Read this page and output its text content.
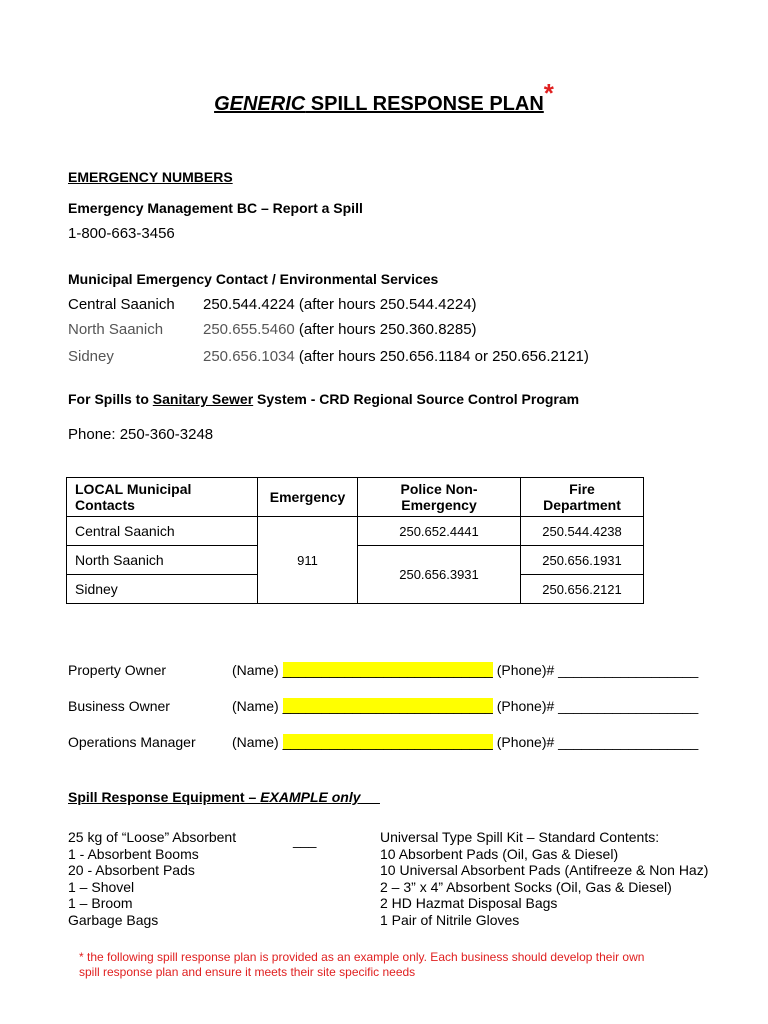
GENERIC SPILL RESPONSE PLAN*
EMERGENCY NUMBERS
Emergency Management BC – Report a Spill
1-800-663-3456
Municipal Emergency Contact / Environmental Services
Central Saanich 250.544.4224 (after hours 250.544.4224)
North Saanich	250.655.5460 (after hours 250.360.8285)
Sidney	250.656.1034 (after hours 250.656.1184 or 250.656.2121)
For Spills to Sanitary Sewer System - CRD Regional Source Control Program
Phone: 250-360-3248
LOCAL Municipal Contacts	Emergency	Police Non-Emergency	Fire Department
Central Saanich	911	250.652.4441	250.544.4238
North Saanich		250.656.3931	250.656.1931
Sidney			250.656.2121
Property Owner	(Name) ___________________________ (Phone)# __________________
Business Owner	(Name) ___________________________ (Phone)# __________________
Operations Manager	(Name) ___________________________ (Phone)# __________________
Spill Response Equipment – EXAMPLE only
25 kg of “Loose” Absorbent
1 - Absorbent Booms
20 - Absorbent Pads
1 – Shovel
1 – Broom
Garbage Bags
___	Universal Type Spill Kit – Standard Contents:
10 Absorbent Pads (Oil, Gas & Diesel)
10 Universal Absorbent Pads (Antifreeze & Non Haz)
2 – 3” x 4” Absorbent Socks (Oil, Gas & Diesel)
2 HD Hazmat Disposal Bags
1 Pair of Nitrile Gloves
* the following spill response plan is provided as an example only. Each business should develop their own
spill response plan and ensure it meets their site specific needs
